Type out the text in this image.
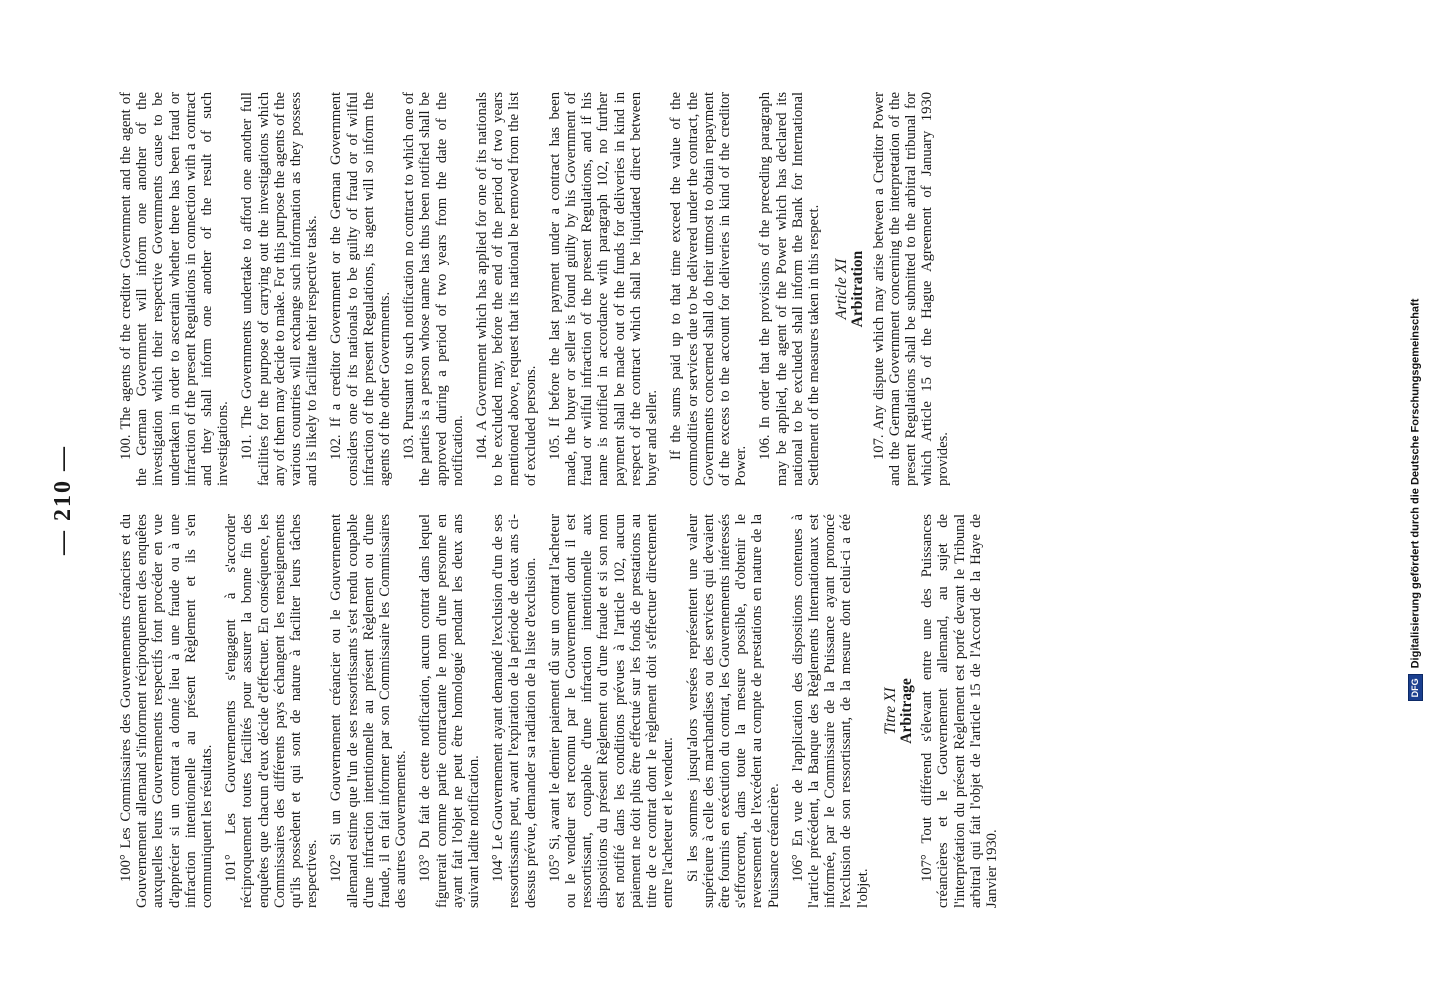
— 210 —

100° Les Commissaires des Gouvernements créanciers et du Gouvernement allemand s'informent réciproquement des enquêtes auxquelles leurs Gouvernements respectifs font procéder en vue d'apprécier si un contrat a donné lieu à une fraude ou à une infraction intentionnelle au présent Règlement et ils s'en communiquent les résultats. 101° Les Gouvernements s'engagent à s'accorder réciproquement toutes facilités pour assurer la bonne fin des enquêtes que chacun d'eux décide d'effectuer. En conséquence, les Commissaires des différents pays échangent les renseignements qu'ils possèdent et qui sont de nature à faciliter leurs tâches respectives. 102° Si un Gouvernement créancier ou le Gouvernement allemand estime que l'un de ses ressortissants s'est rendu coupable d'une infraction intentionnelle au présent Règlement ou d'une fraude, il en fait informer par son Commissaire les Commissaires des autres Gouvernements. 103° Du fait de cette notification, aucun contrat dans lequel figurerait comme partie contractante le nom d'une personne en ayant fait l'objet ne peut être homologué pendant les deux ans suivant ladite notification. 104° Le Gouvernement ayant demandé l'exclusion d'un de ses ressortissants peut, avant l'expiration de la période de deux ans ci-dessus prévue, demander sa radiation de la liste d'exclusion. 105° Si, avant le dernier paiement dû sur un contrat l'acheteur ou le vendeur est reconnu par le Gouvernement dont il est ressortissant, coupable d'une infraction intentionnelle aux dispositions du présent Règlement ou d'une fraude et si son nom est notifié dans les conditions prévues à l'article 102, aucun paiement ne doit plus être effectué sur les fonds de prestations au titre de ce contrat dont le règlement doit s'effectuer directement entre l'acheteur et le vendeur. Si les sommes jusqu'alors versées représentent une valeur supérieure à celle des marchandises ou des services qui devaient être fournis en exécution du contrat, les Gouvernements intéressés s'efforceront, dans toute la mesure possible, d'obtenir le reversement de l'excédent au compte de prestations en nature de la Puissance créancière. 106° En vue de l'application des dispositions contenues à l'article précédent, la Banque des Règlements Internationaux est informée, par le Commissaire de la Puissance ayant prononcé l'exclusion de son ressortissant, de la mesure dont celui-ci a été l'objet.

Titre XI Arbitrage 107° Tout différend s'élevant entre une des Puissances créancières et le Gouvernement allemand, au sujet de l'interprétation du présent Règlement est porté devant le Tribunal arbitral qui fait l'objet de l'article 15 de l'Accord de la Haye de Janvier 1930.

100. The agents of the creditor Government and the agent of the German Government will inform one another of the investigation which their respective Governments cause to be undertaken in order to ascertain whether there has been fraud or infraction of the present Regulations in connection with a contract and they shall inform one another of the result of such investigations. 101. The Governments undertake to afford one another full facilities for the purpose of carrying out the investigations which any of them may decide to make. For this purpose the agents of the various countries will exchange such information as they possess and is likely to facilitate their respective tasks. 102. If a creditor Government or the German Government considers one of its nationals to be guilty of fraud or of wilful infraction of the present Regulations, its agent will so inform the agents of the other Governments. 103. Pursuant to such notification no contract to which one of the parties is a person whose name has thus been notified shall be approved during a period of two years from the date of the notification. 104. A Government which has applied for one of its nationals to be excluded may, before the end of the period of two years mentioned above, request that its national be removed from the list of excluded persons. 105. If before the last payment under a contract has been made, the buyer or seller is found guilty by his Government of fraud or wilful infraction of the present Regulations, and if his name is notified in accordance with paragraph 102, no further payment shall be made out of the funds for deliveries in kind in respect of the contract which shall be liquidated direct between buyer and seller. If the sums paid up to that time exceed the value of the commodities or services due to be delivered under the contract, the Governments concerned shall do their utmost to obtain repayment of the excess to the account for deliveries in kind of the creditor Power.

106. In order that the provisions of the preceding paragraph may be applied, the agent of the Power which has declared its national to be excluded shall inform the Bank for International Settlement of the measures taken in this respect. Article XI Arbitration 107. Any dispute which may arise between a Creditor Power and the German Government concerning the interpretation of the present Regulations shall be submitted to the arbitral tribunal for which Article 15 of the Hague Agreement of January 1930 provides.

DFGDigitalisierung gefördert durch die Deutsche Forschungsgemeinschaft
